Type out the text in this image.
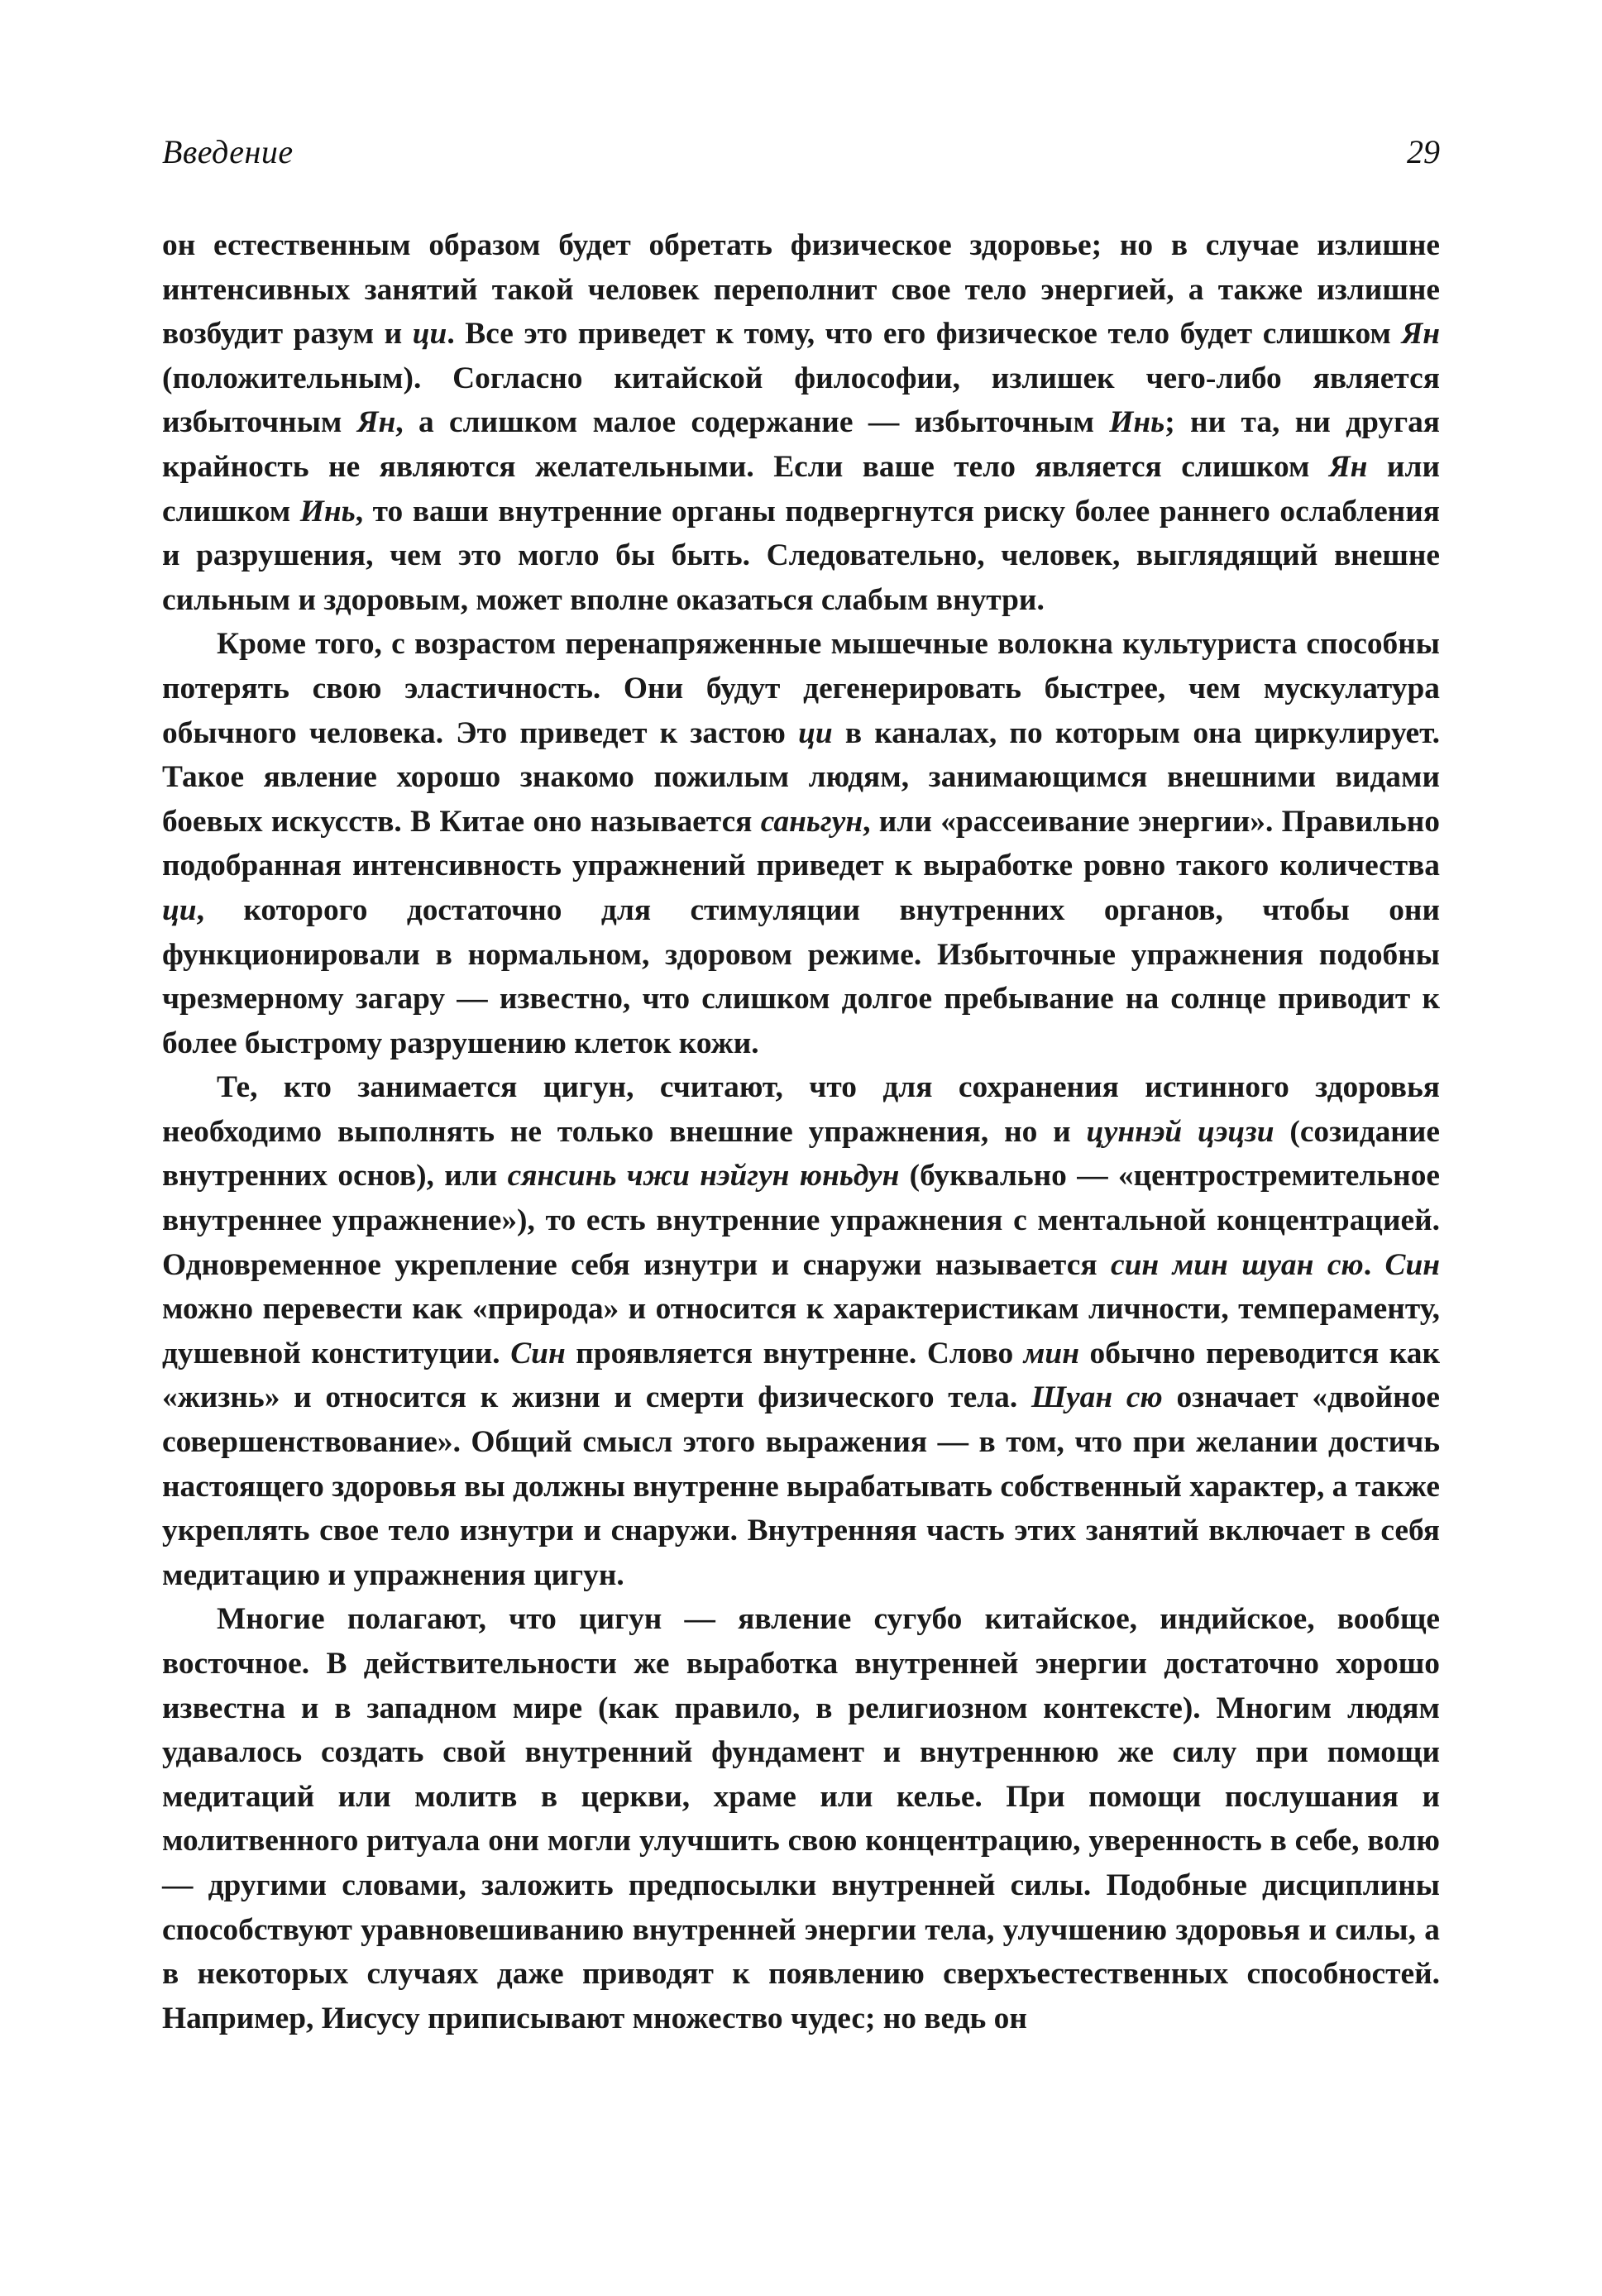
Введение	29

он естественным образом будет обретать физическое здоровье; но в случае излишне интенсивных занятий такой человек переполнит свое тело энергией, а также излишне возбудит разум и ци. Все это приведет к тому, что его физическое тело будет слишком Ян (положительным). Согласно китайской философии, излишек чего-либо является избыточным Ян, а слишком малое содержание — избыточным Инь; ни та, ни другая крайность не являются желательными. Если ваше тело является слишком Ян или слишком Инь, то ваши внутренние органы подвергнутся риску более раннего ослабления и разрушения, чем это могло бы быть. Следовательно, человек, выглядящий внешне сильным и здоровым, может вполне оказаться слабым внутри.

Кроме того, с возрастом перенапряженные мышечные волокна культуриста способны потерять свою эластичность. Они будут дегенерировать быстрее, чем мускулатура обычного человека. Это приведет к застою ци в каналах, по которым она циркулирует. Такое явление хорошо знакомо пожилым людям, занимающимся внешними видами боевых искусств. В Китае оно называется саньгун, или «рассеивание энергии». Правильно подобранная интенсивность упражнений приведет к выработке ровно такого количества ци, которого достаточно для стимуляции внутренних органов, чтобы они функционировали в нормальном, здоровом режиме. Избыточные упражнения подобны чрезмерному загару — известно, что слишком долгое пребывание на солнце приводит к более быстрому разрушению клеток кожи.

Те, кто занимается цигун, считают, что для сохранения истинного здоровья необходимо выполнять не только внешние упражнения, но и цуннэй цэцзи (созидание внутренних основ), или сянсинь чжи нэйгун юньдун (буквально — «центростремительное внутреннее упражнение»), то есть внутренние упражнения с ментальной концентрацией. Одновременное укрепление себя изнутри и снаружи называется син мин шуан сю. Син можно перевести как «природа» и относится к характеристикам личности, темпераменту, душевной конституции. Син проявляется внутренне. Слово мин обычно переводится как «жизнь» и относится к жизни и смерти физического тела. Шуан сю означает «двойное совершенствование». Общий смысл этого выражения — в том, что при желании достичь настоящего здоровья вы должны внутренне вырабатывать собственный характер, а также укреплять свое тело изнутри и снаружи. Внутренняя часть этих занятий включает в себя медитацию и упражнения цигун.

Многие полагают, что цигун — явление сугубо китайское, индийское, вообще восточное. В действительности же выработка внутренней энергии достаточно хорошо известна и в западном мире (как правило, в религиозном контексте). Многим людям удавалось создать свой внутренний фундамент и внутреннюю же силу при помощи медитаций или молитв в церкви, храме или келье. При помощи послушания и молитвенного ритуала они могли улучшить свою концентрацию, уверенность в себе, волю — другими словами, заложить предпосылки внутренней силы. Подобные дисциплины способствуют уравновешиванию внутренней энергии тела, улучшению здоровья и силы, а в некоторых случаях даже приводят к появлению сверхъестественных способностей. Например, Иисусу приписывают множество чудес; но ведь он
